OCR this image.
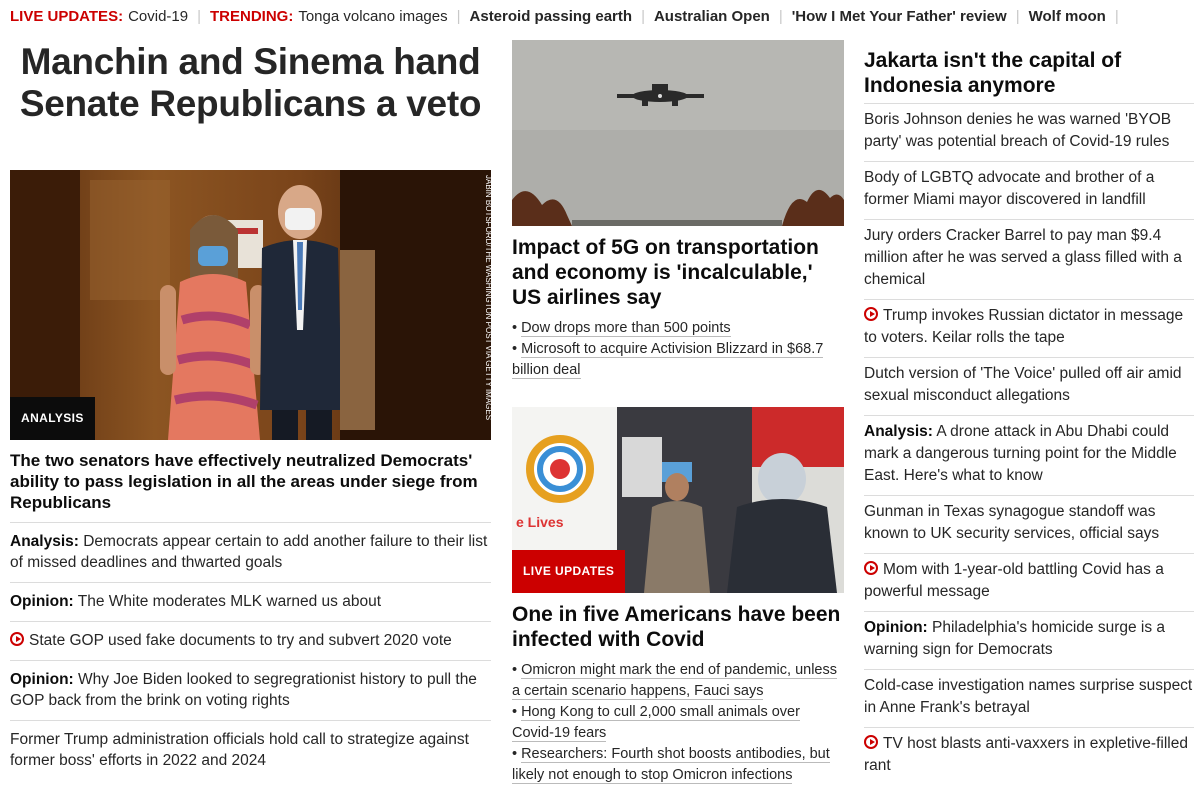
LIVE UPDATES: Covid-19 | TRENDING: Tonga volcano images | Asteroid passing earth | Australian Open | 'How I Met Your Father' review | Wolf moon |
Manchin and Sinema hand Senate Republicans a veto
JABIN BOTSFORD/THE WASHINGTON POST VIA GETTY IMAGES
ANALYSIS
The two senators have effectively neutralized Democrats' ability to pass legislation in all the areas under siege from Republicans
Analysis: Democrats appear certain to add another failure to their list of missed deadlines and thwarted goals
Opinion: The White moderates MLK warned us about
State GOP used fake documents to try and subvert 2020 vote
Opinion: Why Joe Biden looked to segregrationist history to pull the GOP back from the brink on voting rights
Former Trump administration officials hold call to strategize against former boss' efforts in 2022 and 2024
Impact of 5G on transportation and economy is 'incalculable,' US airlines say
• Dow drops more than 500 points
• Microsoft to acquire Activision Blizzard in $68.7 billion deal
e Lives
LIVE UPDATES
One in five Americans have been infected with Covid
• Omicron might mark the end of pandemic, unless a certain scenario happens, Fauci says
• Hong Kong to cull 2,000 small animals over Covid-19 fears
• Researchers: Fourth shot boosts antibodies, but likely not enough to stop Omicron infections
Jakarta isn't the capital of Indonesia anymore
Boris Johnson denies he was warned 'BYOB party' was potential breach of Covid-19 rules
Body of LGBTQ advocate and brother of a former Miami mayor discovered in landfill
Jury orders Cracker Barrel to pay man $9.4 million after he was served a glass filled with a chemical
Trump invokes Russian dictator in message to voters. Keilar rolls the tape
Dutch version of 'The Voice' pulled off air amid sexual misconduct allegations
Analysis: A drone attack in Abu Dhabi could mark a dangerous turning point for the Middle East. Here's what to know
Gunman in Texas synagogue standoff was known to UK security services, official says
Mom with 1-year-old battling Covid has a powerful message
Opinion: Philadelphia's homicide surge is a warning sign for Democrats
Cold-case investigation names surprise suspect in Anne Frank's betrayal
TV host blasts anti-vaxxers in expletive-filled rant
